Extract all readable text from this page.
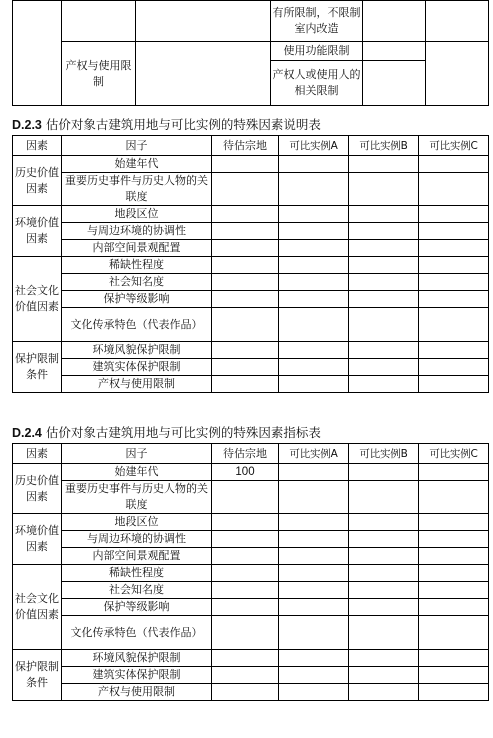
			有所限制，不限制室内改造		
	产权与使用限制		使用功能限制		
			产权人或使用人的相关限制		
D.2.3 估价对象古建筑用地与可比实例的特殊因素说明表
因素	因子	待估宗地	可比实例A	可比实例B	可比实例C
历史价值因素	始建年代				
	重要历史事件与历史人物的关联度				
环境价值因素	地段区位				
	与周边环境的协调性				
	内部空间景观配置				
社会文化价值因素	稀缺性程度				
	社会知名度				
	保护等级影响				
	文化传承特色（代表作品）				
保护限制条件	环境风貌保护限制				
	建筑实体保护限制				
	产权与使用限制				
D.2.4 估价对象古建筑用地与可比实例的特殊因素指标表
因素	因子	待估宗地	可比实例A	可比实例B	可比实例C
历史价值因素	始建年代	100			
	重要历史事件与历史人物的关联度				
环境价值因素	地段区位				
	与周边环境的协调性				
	内部空间景观配置				
社会文化价值因素	稀缺性程度				
	社会知名度				
	保护等级影响				
	文化传承特色（代表作品）				
保护限制条件	环境风貌保护限制				
	建筑实体保护限制				
	产权与使用限制				
